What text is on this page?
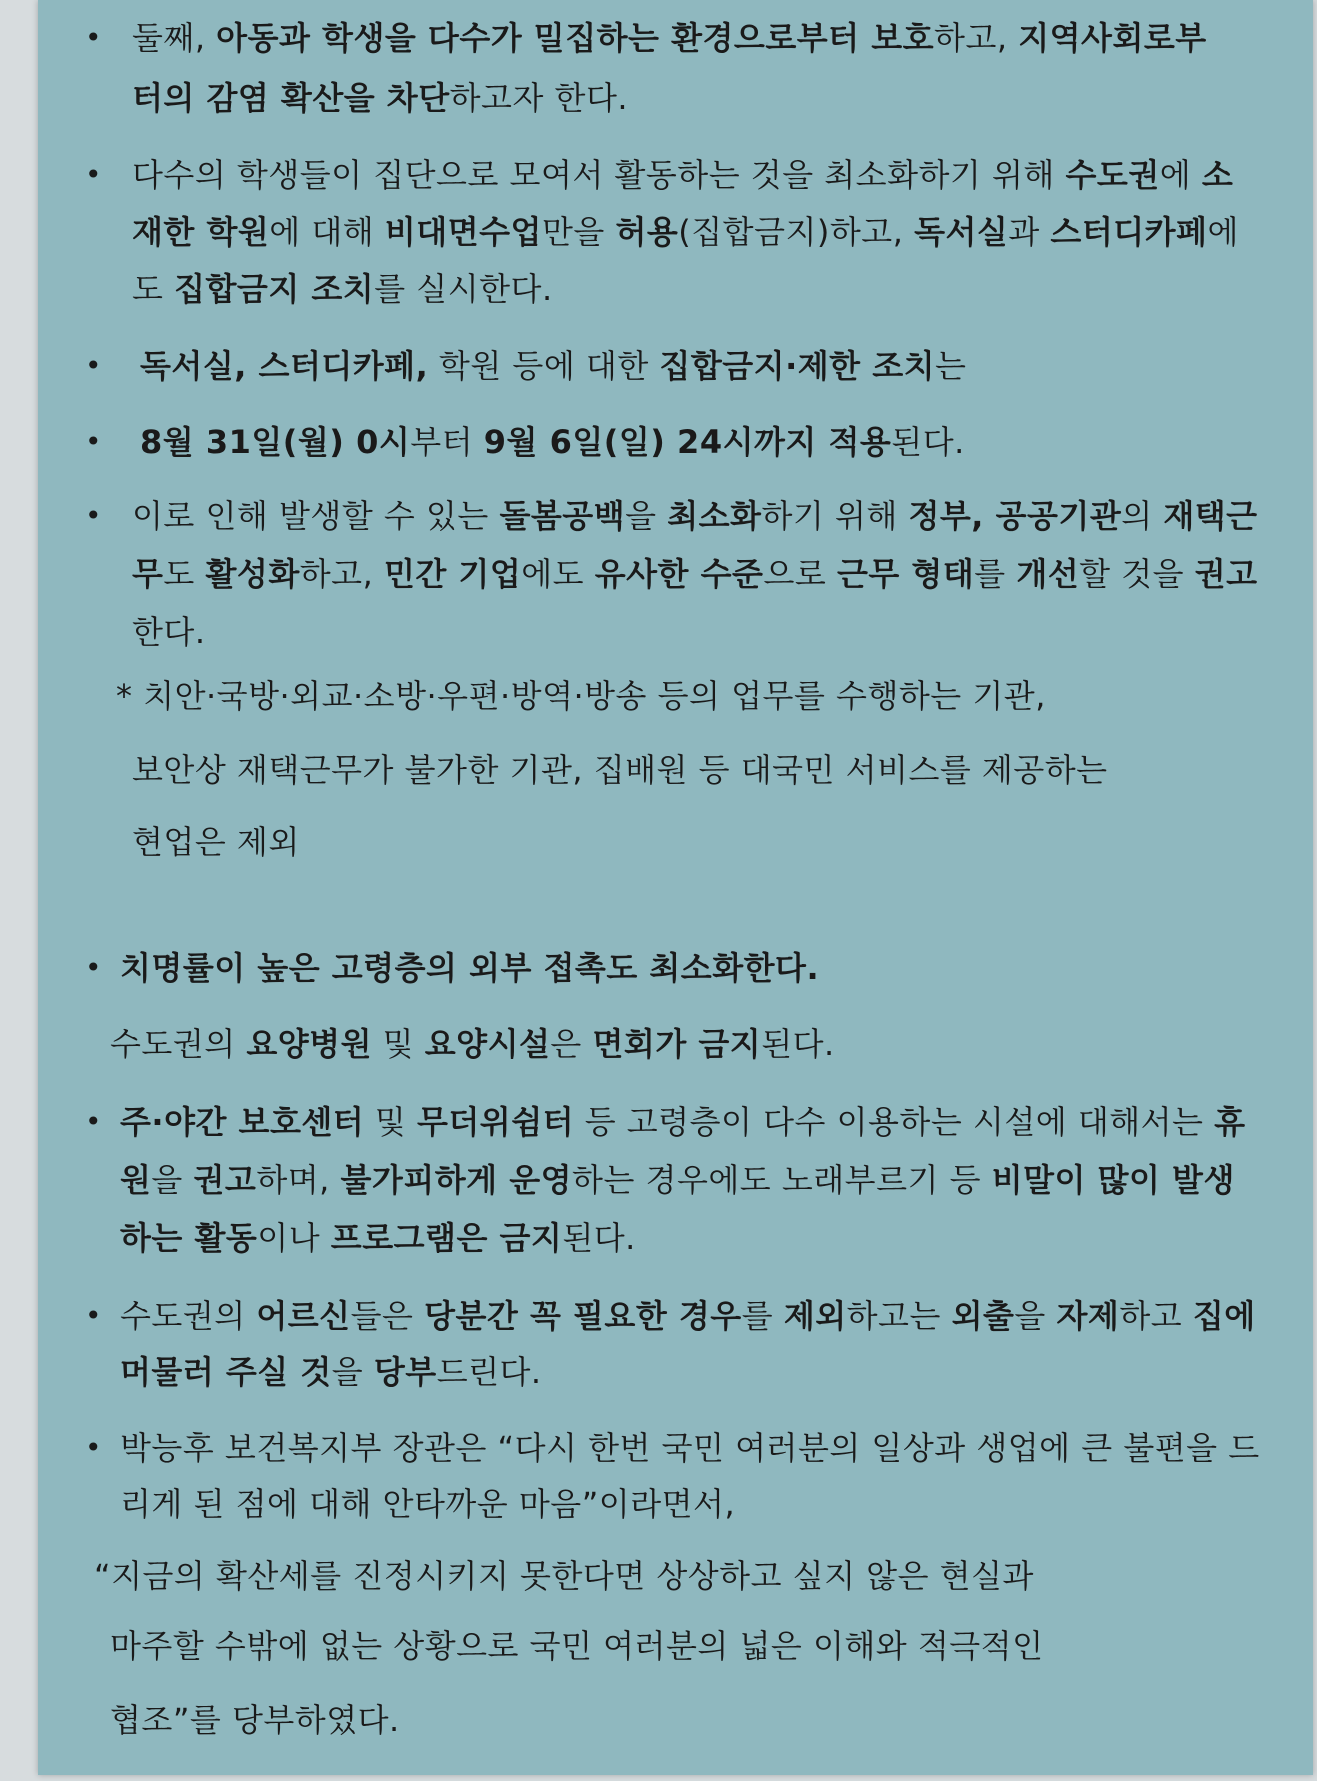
• 둘째, 아동과 학생을 다수가 밀집하는 환경으로부터 보호하고, 지역사회로부
터의 감염 확산을 차단하고자 한다.
• 다수의 학생들이 집단으로 모여서 활동하는 것을 최소화하기 위해 수도권에 소
재한 학원에 대해 비대면수업만을 허용(집합금지)하고, 독서실과 스터디카페에
도 집합금지 조치를 실시한다.
• 독서실, 스터디카페, 학원 등에 대한 집합금지·제한 조치는
• 8월 31일(월) 0시부터 9월 6일(일) 24시까지 적용된다.
• 이로 인해 발생할 수 있는 돌봄공백을 최소화하기 위해 정부, 공공기관의 재택근
무도 활성화하고, 민간 기업에도 유사한 수준으로 근무 형태를 개선할 것을 권고
한다.
* 치안·국방·외교·소방·우편·방역·방송 등의 업무를 수행하는 기관,
보안상 재택근무가 불가한 기관, 집배원 등 대국민 서비스를 제공하는
현업은 제외
• 치명률이 높은 고령층의 외부 접촉도 최소화한다.
수도권의 요양병원 및 요양시설은 면회가 금지된다.
• 주·야간 보호센터 및 무더위쉼터 등 고령층이 다수 이용하는 시설에 대해서는 휴
원을 권고하며, 불가피하게 운영하는 경우에도 노래부르기 등 비말이 많이 발생
하는 활동이나 프로그램은 금지된다.
• 수도권의 어르신들은 당분간 꼭 필요한 경우를 제외하고는 외출을 자제하고 집에
머물러 주실 것을 당부드린다.
• 박능후 보건복지부 장관은 “다시 한번 국민 여러분의 일상과 생업에 큰 불편을 드
리게 된 점에 대해 안타까운 마음”이라면서,
“지금의 확산세를 진정시키지 못한다면 상상하고 싶지 않은 현실과
마주할 수밖에 없는 상황으로 국민 여러분의 넓은 이해와 적극적인
협조”를 당부하였다.
